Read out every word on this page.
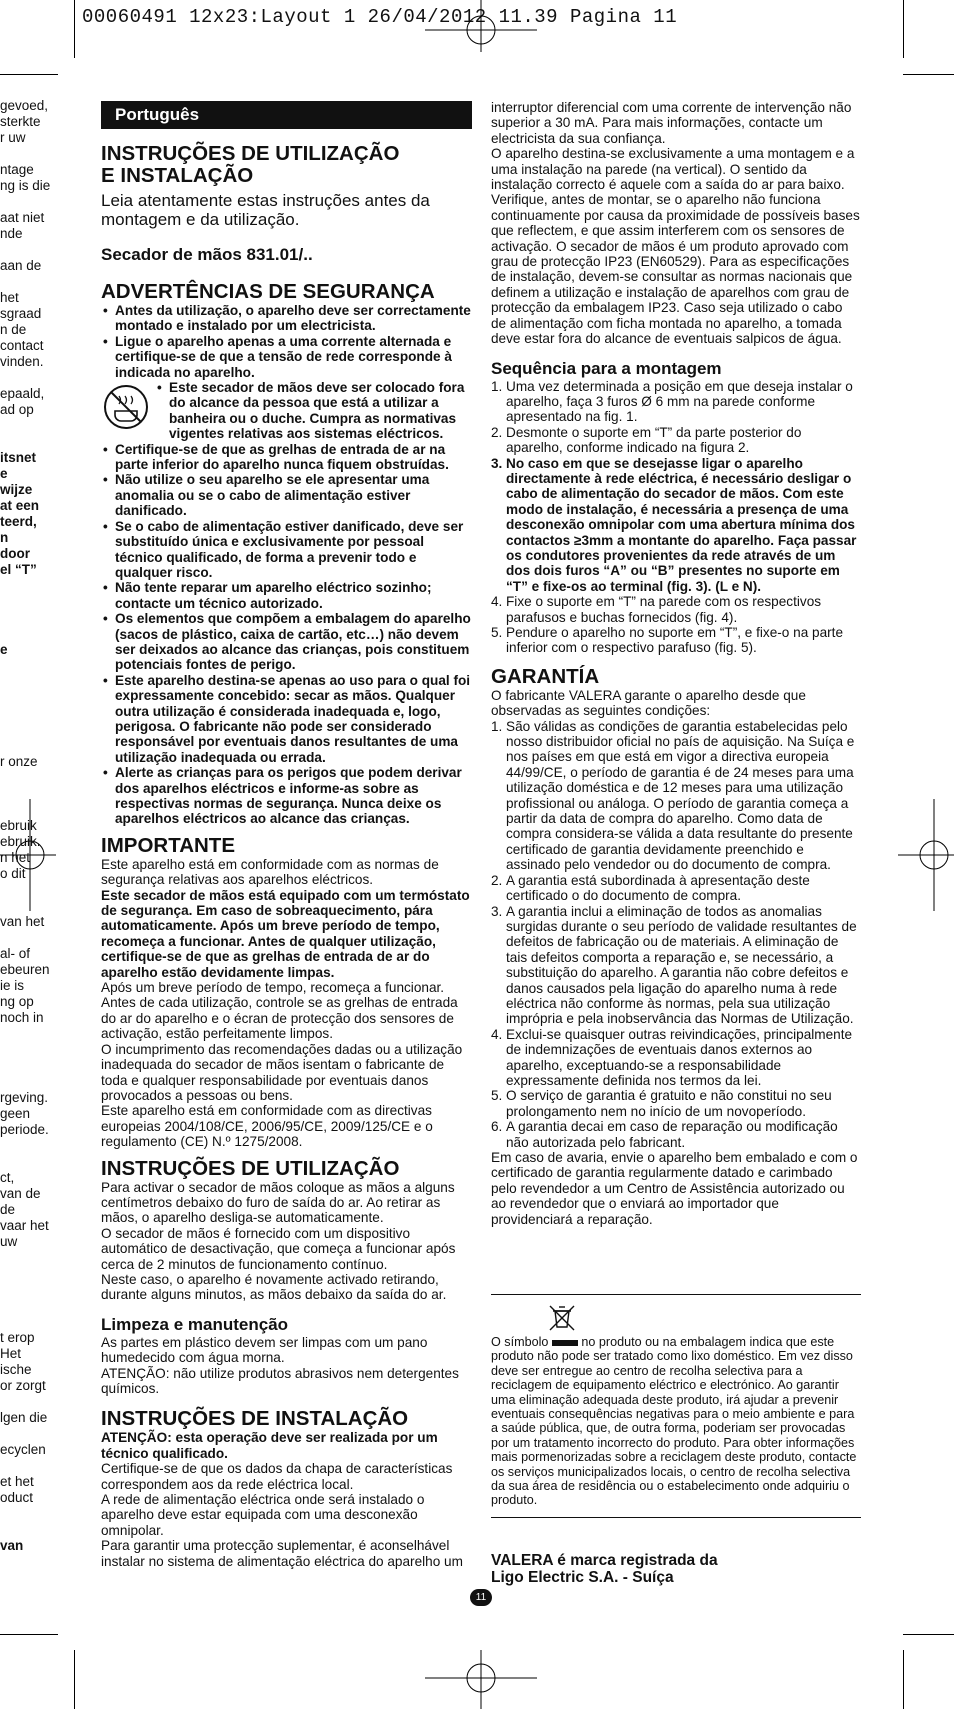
00060491 12x23:Layout 1 26/04/2012 11.39 Pagina 11
gevoed,
sterkte
r uw

ntage
ng is die

aat niet
nde

aan de

het
sgraad
n de
contact
vinden.

epaald,
ad op

itsnet
e
wijze
at een
teerd,
n
door
el “T”

e

r onze

ebruik
ebruik.
n het
o dit

van het

al- of
ebeuren
ie is
ng op
noch in

rgeving.
geen
periode.

ct,
van de
de
vaar het
uw

t erop
Het
ische
or zorgt

lgen die

ecyclen

et het
oduct

van
Português
INSTRUÇÕES DE UTILIZAÇÃO
E INSTALAÇÃO
Leia atentamente estas instruções antes da montagem e da utilização.
Secador de mãos 831.01/..
ADVERTÊNCIAS DE SEGURANÇA
• Antes da utilização, o aparelho deve ser correctamente montado e instalado por um electricista.
• Ligue o aparelho apenas a uma corrente alternada e certifique-se de que a tensão de rede corresponde à indicada no aparelho.
• Este secador de mãos deve ser colocado fora do alcance da pessoa que está a utilizar a banheira ou o duche. Cumpra as normativas vigentes relativas aos sistemas eléctricos.
• Certifique-se de que as grelhas de entrada de ar na parte inferior do aparelho nunca fiquem obstruídas.
• Não utilize o seu aparelho se ele apresentar uma anomalia ou se o cabo de alimentação estiver danificado.
• Se o cabo de alimentação estiver danificado, deve ser substituído única e exclusivamente por pessoal técnico qualificado, de forma a prevenir todo e qualquer risco.
• Não tente reparar um aparelho eléctrico sozinho; contacte um técnico autorizado.
• Os elementos que compõem a embalagem do aparelho (sacos de plástico, caixa de cartão, etc…) não devem ser deixados ao alcance das crianças, pois constituem potenciais fontes de perigo.
• Este aparelho destina-se apenas ao uso para o qual foi expressamente concebido: secar as mãos. Qualquer outra utilização é considerada inadequada e, logo, perigosa. O fabricante não pode ser considerado responsável por eventuais danos resultantes de uma utilização inadequada ou errada.
• Alerte as crianças para os perigos que podem derivar dos aparelhos eléctricos e informe-as sobre as respectivas normas de segurança. Nunca deixe os aparelhos eléctricos ao alcance das crianças.
IMPORTANTE

Este aparelho está em conformidade com as normas de segurança relativas aos aparelhos eléctricos.

Este secador de mãos está equipado com um termóstato de segurança. Em caso de sobreaquecimento, pára automaticamente. Após um breve período de tempo, recomeça a funcionar. Antes de qualquer utilização, certifique-se de que as grelhas de entrada de ar do aparelho estão devidamente limpas.

Após um breve período de tempo, recomeça a funcionar. Antes de cada utilização, controle se as grelhas de entrada do ar do aparelho e o écran de protecção dos sensores de activação, estão perfeitamente limpos.

O incumprimento das recomendações dadas ou a utilização inadequada do secador de mãos isentam o fabricante de toda e qualquer responsabilidade por eventuais danos provocados a pessoas ou bens.

Este aparelho está em conformidade com as directivas europeias 2004/108/CE, 2006/95/CE, 2009/125/CE e o regulamento (CE) N.º 1275/2008.

INSTRUÇÕES DE UTILIZAÇÃO

Para activar o secador de mãos coloque as mãos a alguns centímetros debaixo do furo de saída do ar. Ao retirar as mãos, o aparelho desliga-se automaticamente.

O secador de mãos é fornecido com um dispositivo automático de desactivação, que começa a funcionar após cerca de 2 minutos de funcionamento contínuo.

Neste caso, o aparelho é novamente activado retirando, durante alguns minutos, as mãos debaixo da saída do ar.

Limpeza e manutenção

As partes em plástico devem ser limpas com um pano humedecido com água morna.

ATENÇÃO: não utilize produtos abrasivos nem detergentes químicos.

INSTRUÇÕES DE INSTALAÇÃO

ATENÇÃO: esta operação deve ser realizada por um técnico qualificado.

Certifique-se de que os dados da chapa de características correspondem aos da rede eléctrica local.

A rede de alimentação eléctrica onde será instalado o aparelho deve estar equipada com uma desconexão omnipolar.

Para garantir uma protecção suplementar, é aconselhável instalar no sistema de alimentação eléctrica do aparelho um

interruptor diferencial com uma corrente de intervenção não superior a 30 mA. Para mais informações, contacte um electricista da sua confiança.

O aparelho destina-se exclusivamente a uma montagem e a uma instalação na parede (na vertical). O sentido da instalação correcto é aquele com a saída do ar para baixo. Verifique, antes de montar, se o aparelho não funciona continuamente por causa da proximidade de possíveis bases que reflectem, e que assim interferem com os sensores de activação. O secador de mãos é um produto aprovado com grau de protecção IP23 (EN60529). Para as especificações de instalação, devem-se consultar as normas nacionais que definem a utilização e instalação de aparelhos com grau de protecção da embalagem IP23. Caso seja utilizado o cabo de alimentação com ficha montada no aparelho, a tomada deve estar fora do alcance de eventuais salpicos de água.

Sequência para a montagem
1. Uma vez determinada a posição em que deseja instalar o aparelho, faça 3 furos Ø 6 mm na parede conforme apresentado na fig. 1.
2. Desmonte o suporte em “T” da parte posterior do aparelho, conforme indicado na figura 2.
3. No caso em que se desejasse ligar o aparelho directamente à rede eléctrica, é necessário desligar o cabo de alimentação do secador de mãos. Com este modo de instalação, é necessária a presença de uma desconexão omnipolar com uma abertura mínima dos contactos ≥3mm a montante do aparelho. Faça passar os condutores provenientes da rede através de um dos dois furos “A” ou “B” presentes no suporte em “T” e fixe-os ao terminal (fig. 3). (L e N).
4. Fixe o suporte em “T” na parede com os respectivos parafusos e buchas fornecidos (fig. 4).
5. Pendure o aparelho no suporte em “T”, e fixe-o na parte inferior com o respectivo parafuso (fig. 5).
GARANTÍA

O fabricante VALERA garante o aparelho desde que observadas as seguintes condições:

1. São válidas as condições de garantia estabelecidas pelo nosso distribuidor oficial no país de aquisição. Na Suíça e nos países em que está em vigor a directiva europeia 44/99/CE, o período de garantia é de 24 meses para uma utilização doméstica e de 12 meses para uma utilização profissional ou análoga. O período de garantia começa a partir da data de compra do aparelho. Como data de compra considera-se válida a data resultante do presente certificado de garantia devidamente preenchido e assinado pelo vendedor ou do documento de compra.
2. A garantia está subordinada à apresentação deste certificado o do documento de compra.
3. A garantia inclui a eliminação de todos as anomalias surgidas durante o seu período de validade resultantes de defeitos de fabricação ou de materiais. A eliminação de tais defeitos comporta a reparação e, se necessário, a substituição do aparelho. A garantia não cobre defeitos e danos causados pela ligação do aparelho numa à rede eléctrica não conforme às normas, pela sua utilização imprópria e pela inobservância das Normas de Utilização.
4. Exclui-se quaisquer outras reivindicações, principalmente de indemnizações de eventuais danos externos ao aparelho, exceptuando-se a responsabilidade expressamente definida nos termos da lei.
5. O serviço de garantia é gratuito e não constitui no seu prolongamento nem no início de um novoperíodo.
6. A garantia decai em caso de reparação ou modificação não autorizada pelo fabricant.

Em caso de avaria, envie o aparelho bem embalado e com o certificado de garantia regularmente datado e carimbado pelo revendedor a um Centro de Assistência autorizado ou ao revendedor que o enviará ao importador que providenciará a reparação.

O símbolo  no produto ou na embalagem indica que este produto não pode ser tratado como lixo doméstico. Em vez disso deve ser entregue ao centro de recolha selectiva para a reciclagem de equipamento eléctrico e electrónico. Ao garantir uma eliminação adequada deste produto, irá ajudar a prevenir eventuais consequências negativas para o meio ambiente e para a saúde pública, que, de outra forma, poderiam ser provocadas por um tratamento incorrecto do produto. Para obter informações mais pormenorizadas sobre a reciclagem deste produto, contacte os serviços municipalizados locais, o centro de recolha selectiva da sua área de residência ou o estabelecimento onde adquiriu o produto.

VALERA é marca registrada da
Ligo Electric S.A. - Suíça
11
